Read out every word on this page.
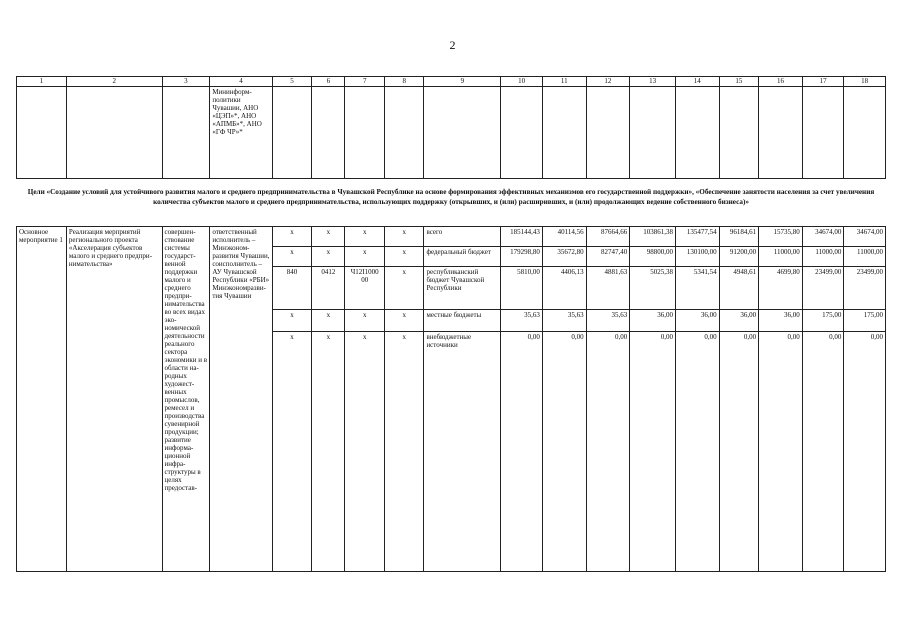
2
1	2	3	4	5	6	7	8	9	10	11	12	13	14	15	16	17	18
			Мининформполитики Чувашии, АНО «ЦЭП»*, АНО «АПМБ»*, АНО «ГФ ЧР»*														
Цели «Создание условий для устойчивого развития малого и среднего предпринимательства в Чувашской Республике на основе формирования эффективных механизмов его государственной поддержки», «Обеспечение занятости населения за счет увеличения количества субъектов малого и среднего предпринимательства, использующих поддержку (открывших, и (или) расширивших, и (или) продолжающих ведение собственного бизнеса)»
Основное мероприятие 1	Реализация мерприятий регионального проекта «Акселерация субъектов малого и среднего предпринимательства»	совершенствование системы государственной поддержки малого и среднего предпринимательства во всех видах экономической деятельности реального сектора экономики и в области народных художественных промыслов, ремесел и производства сувенирной продукции; развитие информационной инфраструктуры в целях предостав-	ответственный исполнитель – Минэкономразвития Чувашии, соисполнитель – АУ Чувашской Республики «РБИ» Минэкономразвития Чувашии	x	x	x	x	всего	185144,43	40114,56	87664,66	103861,38	135477,54	96184,61	15735,80	34674,00	34674,00
				x	x	x	x	федеральный бюджет	179298,80	35672,80	82747,40	98800,00	130100,00	91200,00	11000,00	11000,00	11000,00
				840	0412	Ч12I1000 00	x	республиканский бюджет Чувашской Республики	5810,00	4406,13	4881,63	5025,38	5341,54	4948,61	4699,80	23499,00	23499,00
				x	x	x	x	местные бюджеты	35,63	35,63	35,63	36,00	36,00	36,00	36,00	175,00	175,00
				x	x	x	x	внебюджетные источники	0,00	0,00	0,00	0,00	0,00	0,00	0,00	0,00	0,00
